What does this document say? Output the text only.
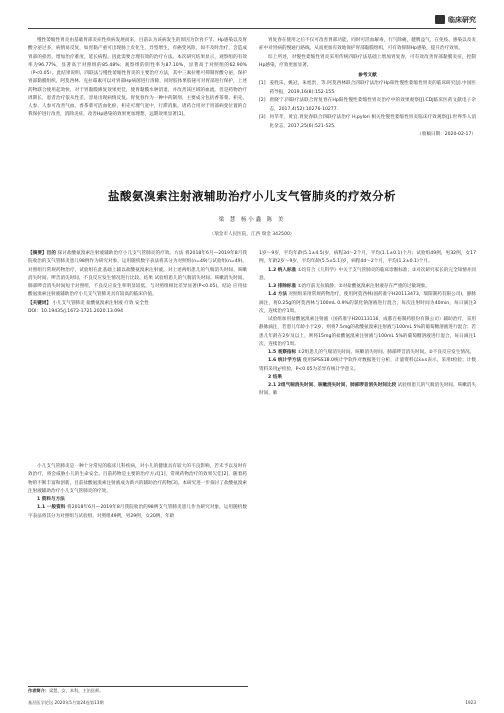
临床研究

慢性萎缩性胃炎由基础胃部炎症性疾病发展而来，目前认为该病发生的原因为饮食不节、Hp感染以及胃酸分泌过多，病情易反复，如胃黏产重可出现肠上皮化生、异型增生，有癌变风险，如不及时治疗，会造成胃部的损害，增加治疗难度，延长病程，因此需要合理有效的治疗方法。本次研究结果显示，观察组的有效率为96.77%，显著高于对照组的85.48%；观察组的阴性率为87.10%，显著高于对照组的62.90%（P<0.05）。此结果说明，四联法与慢性萎缩性胃炎的主要治疗方法，其中三素拉唑可抑制胃酸分泌，保护胃部黏膜组织，阿莫西林、克拉霉素可以对胃部Hp病菌进行清除，同时胶体果胶铋可对胃部进行保护，上述药物联合使用起效快，对于胃黏膜修复效果更佳，使胃黏膜水肿消退，并改善该区域的血流，但是药物治疗周期长，患者治疗依从性差，容易出现病情反复。胃复春作为一种中药制剂，主要成分包括香茶菜、枳壳、人参，人参可改善气血，香茶菜可活血化瘀，枳壳可理气宽中，行滞消胀，诸药合用对于胃部病变位置的自我保护进行改善，消除炎症，改善Hp感染的效果更加理想，远期效果显著[1]。

胃复春在使用之后不仅可改善胃部功能，同时可活血解毒，行气除痛，健脾益气，在免疫、感染以及炎症中对胃病的慢通行路线。从而更加有效地保护胃部黏膜组织，可有效抑制Hp感染，提升治疗效果。

综上所述，对慢性萎缩性胃炎采用传统四联疗法基础上增加胃复春，可有效改善胃部黏膜炎症，控制Hp感染，疗效更加显著。

参考文献
[1] 姜胜乐，姚冠，朱旭贵，等.阿莫西林联合四联疗法治疗Hp阳性慢性萎缩性胃炎的临床研究[J].中国医药导报，2019,16(8):152-155.
[2] 唐晓宁.四联疗法联合胃复春在Hp阳性慢性萎缩性胃炎治疗中的效果观察[J].CDJ临床医药文献电子杂志，2017,4(52):10276-10277.
[3] 何莘莘，黄宜.胃复春联合四联疗法治疗 H.pylori 相关性慢性萎缩性胃炎临床疗效观察[J].世界华人消化杂志，2017,25(6):521-525.
（收稿日期：2020-02-17）
盐酸氨溴索注射液辅助治疗小儿支气管肺炎的疗效分析
梁 慧 杨小鑫 陈 美
（瑞金市人民医院，江西 瑞金 342500）

【摘要】目的 探讨盐酸氨溴索注射液辅助治疗小儿支气管肺炎的疗效。方法 将2018年6月—2019年8月我院收治的支气管肺炎患儿98例作为研究对象，运用随机数字表法将其分为对照组(n=49)与试验组(n=49)。对照组行常规药物治疗，试验组在此基础上辅以盐酸氨溴索注射液，对上述两组患儿的气喘消失时间、咳嗽消失时间、啰音消失时间、不良反应发生情况进行比较。结果 试验组患儿的气喘消失时间、咳嗽消失时间、肺部啰音消失时间短于对照组，不良反应发生率明显较低，与对照组相比差异显著(P<0.05)。结论 应用盐酸氨溴索注射液辅助治疗小儿支气管肺炎具有较高的临床价值。

【关键词】 小儿支气管肺炎 盐酸氨溴索注射液 疗效 安全性

DOI：10.19435/j.1672-1721.2020.13.094

小儿支气管肺炎是一种十分常见的临床儿科疾病，对小儿的健康具有较大的不良影响，若未予以及时有效治疗，将会威胁小儿的生命安全。目前药物是主要的治疗方式[1]，常规药物治疗的效果欠佳[2]，随着药物的不断丰富和创新，目前盐酸氨溴索注射液成为新兴的辅助治疗药物[3]。本研究进一步探讨了盐酸氨溴索注射液辅助治疗小儿支气管肺炎的疗效。

1 资料与方法

1.1 一般资料 将2018年6月—2019年8月我院收治的98例支气管肺炎患儿作为研究对象，运用随机数字表法将其分为对照组与试验组。对照组49例，男29例，女20例，年龄

1岁～9岁，平均年龄(5.1±4.5)岁，病程3d～2个月，平均(1.1±0.1)个月；试验组49例，男32例，女17例，年龄2岁～9岁，平均年龄(5.5±5.1)岁，病程4d～2个月，平均(1.2±0.1)个月。

1.2 纳入标准 ①均符合《儿科学》中关于支气管肺炎的临床诊断标准；②对次研究家长的完全知情并同意。

1.3 排除标准 ①治疗前无抗镇静；②对盐酸氨溴索注射液存在严重的过敏现象。

1.4 方法 对照组采用常规药物治疗，使用阿莫西林(国药准字H20113473，瑞阳制药有限公司)，静脉滴注，将0.25g的阿莫西林与100mL 0.9%的氯化钠溶液进行混合，每次注射时间为40min，每日滴注3次，连续治疗1周。

试验组加用盐酸氨溴索注射液（国药准字H20113116，成都百裕制药股份有限公司）辅助治疗，采用静脉滴注，若患儿年龄小于2岁，则将7.5mg的盐酸氨溴索注射液与100mL 5%的葡萄糖溶液进行混合；若患儿年龄在2岁及以上，则将15mg的盐酸氨溴索注射液与100mL 5%的葡萄糖溶液进行混合，每日滴注1次，连续治疗1周。

1.5 观察指标 ①2组患儿的气喘消失时间、咳嗽消失时间、肺部啰音消失时间。②不良反应发生情况。

1.6 统计学方法 使用SPSS18.0统计学软件对数据进行分析，计量资料以x̄±s表示，采用t检验；计数资料采用χ²检验，P<0.05为差异有统计学意义。

2 结果

2.1 2组气喘消失时间、咳嗽消失时间、肺部啰音消失时间比较 试验组患儿的气喘消失时间、咳嗽消失时间、肺

作者简介：梁慧，女，本科，主治医师。
基层医学论坛 2020年5月第24卷第13期	1923
